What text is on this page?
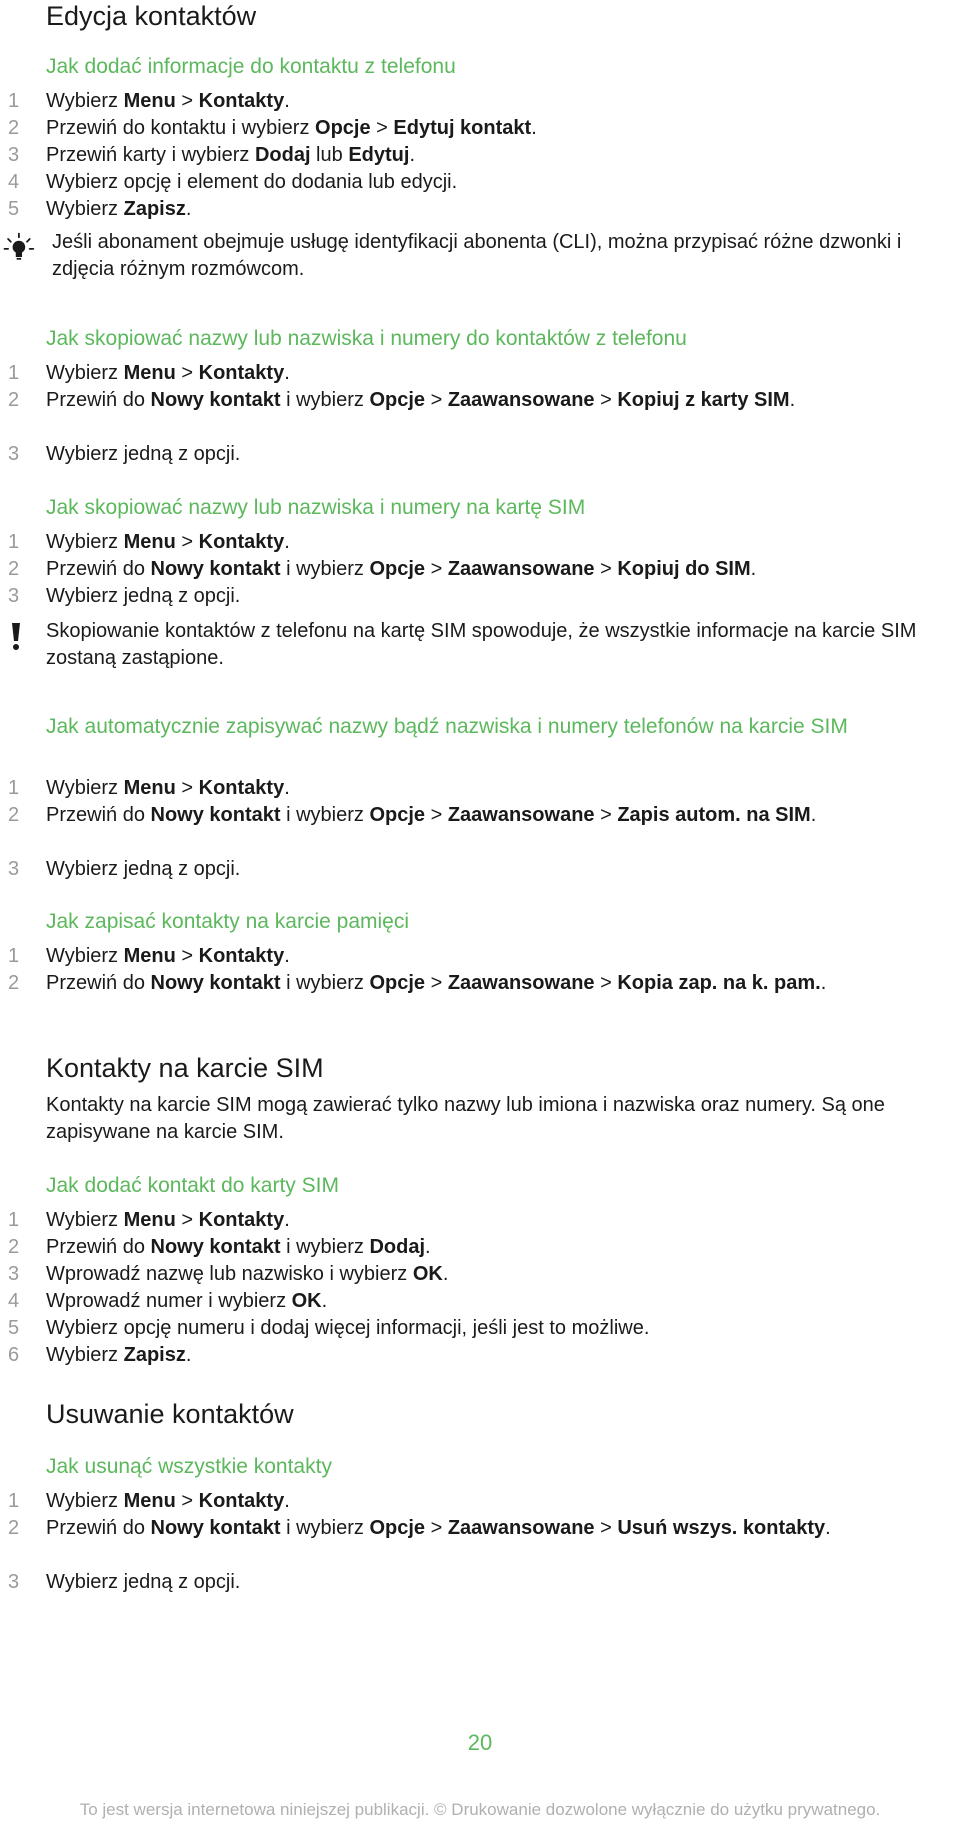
Edycja kontaktów
Jak dodać informacje do kontaktu z telefonu
1 Wybierz Menu > Kontakty.
2 Przewiń do kontaktu i wybierz Opcje > Edytuj kontakt.
3 Przewiń karty i wybierz Dodaj lub Edytuj.
4 Wybierz opcję i element do dodania lub edycji.
5 Wybierz Zapisz.
Jeśli abonament obejmuje usługę identyfikacji abonenta (CLI), można przypisać różne dzwonki i zdjęcia różnym rozmówcom.
Jak skopiować nazwy lub nazwiska i numery do kontaktów z telefonu
1 Wybierz Menu > Kontakty.
2 Przewiń do Nowy kontakt i wybierz Opcje > Zaawansowane > Kopiuj z karty SIM.
3 Wybierz jedną z opcji.
Jak skopiować nazwy lub nazwiska i numery na kartę SIM
1 Wybierz Menu > Kontakty.
2 Przewiń do Nowy kontakt i wybierz Opcje > Zaawansowane > Kopiuj do SIM.
3 Wybierz jedną z opcji.
Skopiowanie kontaktów z telefonu na kartę SIM spowoduje, że wszystkie informacje na karcie SIM zostaną zastąpione.
Jak automatycznie zapisywać nazwy bądź nazwiska i numery telefonów na karcie SIM
1 Wybierz Menu > Kontakty.
2 Przewiń do Nowy kontakt i wybierz Opcje > Zaawansowane > Zapis autom. na SIM.
3 Wybierz jedną z opcji.
Jak zapisać kontakty na karcie pamięci
1 Wybierz Menu > Kontakty.
2 Przewiń do Nowy kontakt i wybierz Opcje > Zaawansowane > Kopia zap. na k. pam..
Kontakty na karcie SIM
Kontakty na karcie SIM mogą zawierać tylko nazwy lub imiona i nazwiska oraz numery. Są one zapisywane na karcie SIM.
Jak dodać kontakt do karty SIM
1 Wybierz Menu > Kontakty.
2 Przewiń do Nowy kontakt i wybierz Dodaj.
3 Wprowadź nazwę lub nazwisko i wybierz OK.
4 Wprowadź numer i wybierz OK.
5 Wybierz opcję numeru i dodaj więcej informacji, jeśli jest to możliwe.
6 Wybierz Zapisz.
Usuwanie kontaktów
Jak usunąć wszystkie kontakty
1 Wybierz Menu > Kontakty.
2 Przewiń do Nowy kontakt i wybierz Opcje > Zaawansowane > Usuń wszys. kontakty.
3 Wybierz jedną z opcji.
20
To jest wersja internetowa niniejszej publikacji. © Drukowanie dozwolone wyłącznie do użytku prywatnego.
